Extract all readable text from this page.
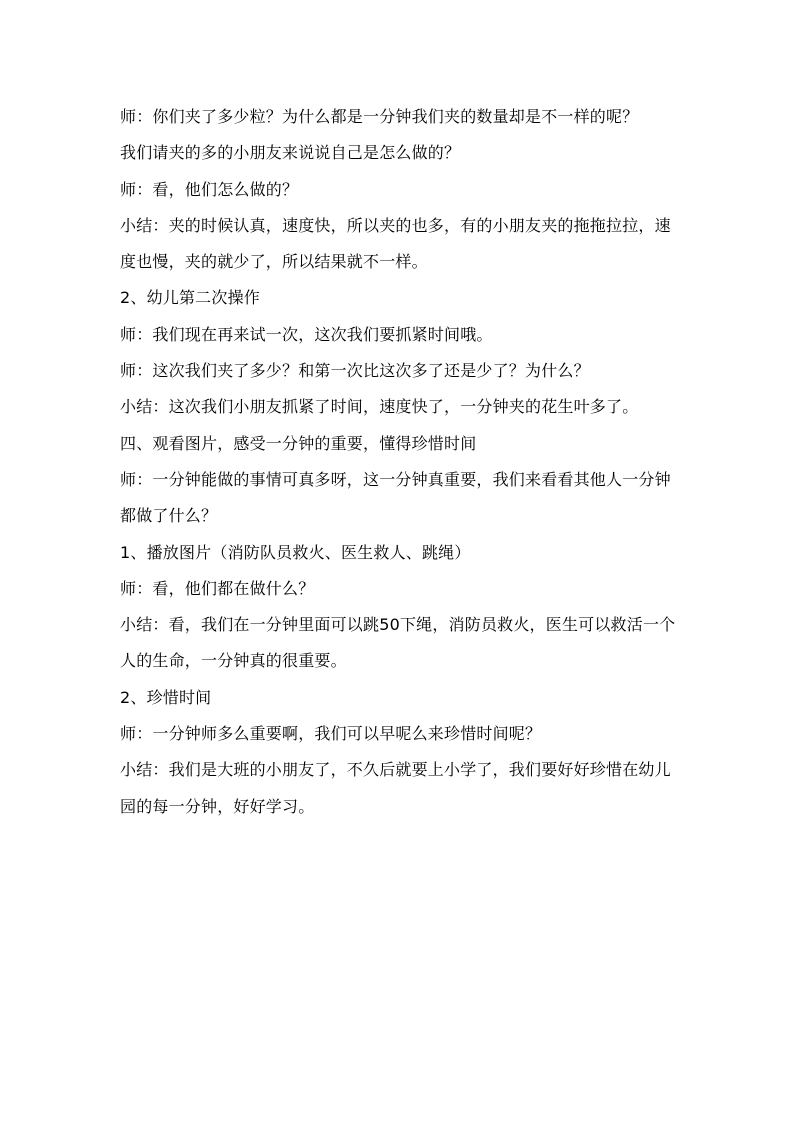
师：你们夹了多少粒？为什么都是一分钟我们夹的数量却是不一样的呢？

我们请夹的多的小朋友来说说自己是怎么做的？

师：看，他们怎么做的？

小结：夹的时候认真，速度快，所以夹的也多，有的小朋友夹的拖拖拉拉，速度也慢，夹的就少了，所以结果就不一样。

2、幼儿第二次操作

师：我们现在再来试一次，这次我们要抓紧时间哦。

师：这次我们夹了多少？和第一次比这次多了还是少了？为什么？

小结：这次我们小朋友抓紧了时间，速度快了，一分钟夹的花生叶多了。

四、观看图片，感受一分钟的重要，懂得珍惜时间

师：一分钟能做的事情可真多呀，这一分钟真重要，我们来看看其他人一分钟都做了什么？

1、播放图片（消防队员救火、医生救人、跳绳）

师：看，他们都在做什么？

小结：看，我们在一分钟里面可以跳50下绳，消防员救火，医生可以救活一个人的生命，一分钟真的很重要。

2、珍惜时间

师：一分钟师多么重要啊，我们可以早呢么来珍惜时间呢？

小结：我们是大班的小朋友了，不久后就要上小学了，我们要好好珍惜在幼儿园的每一分钟，好好学习。
